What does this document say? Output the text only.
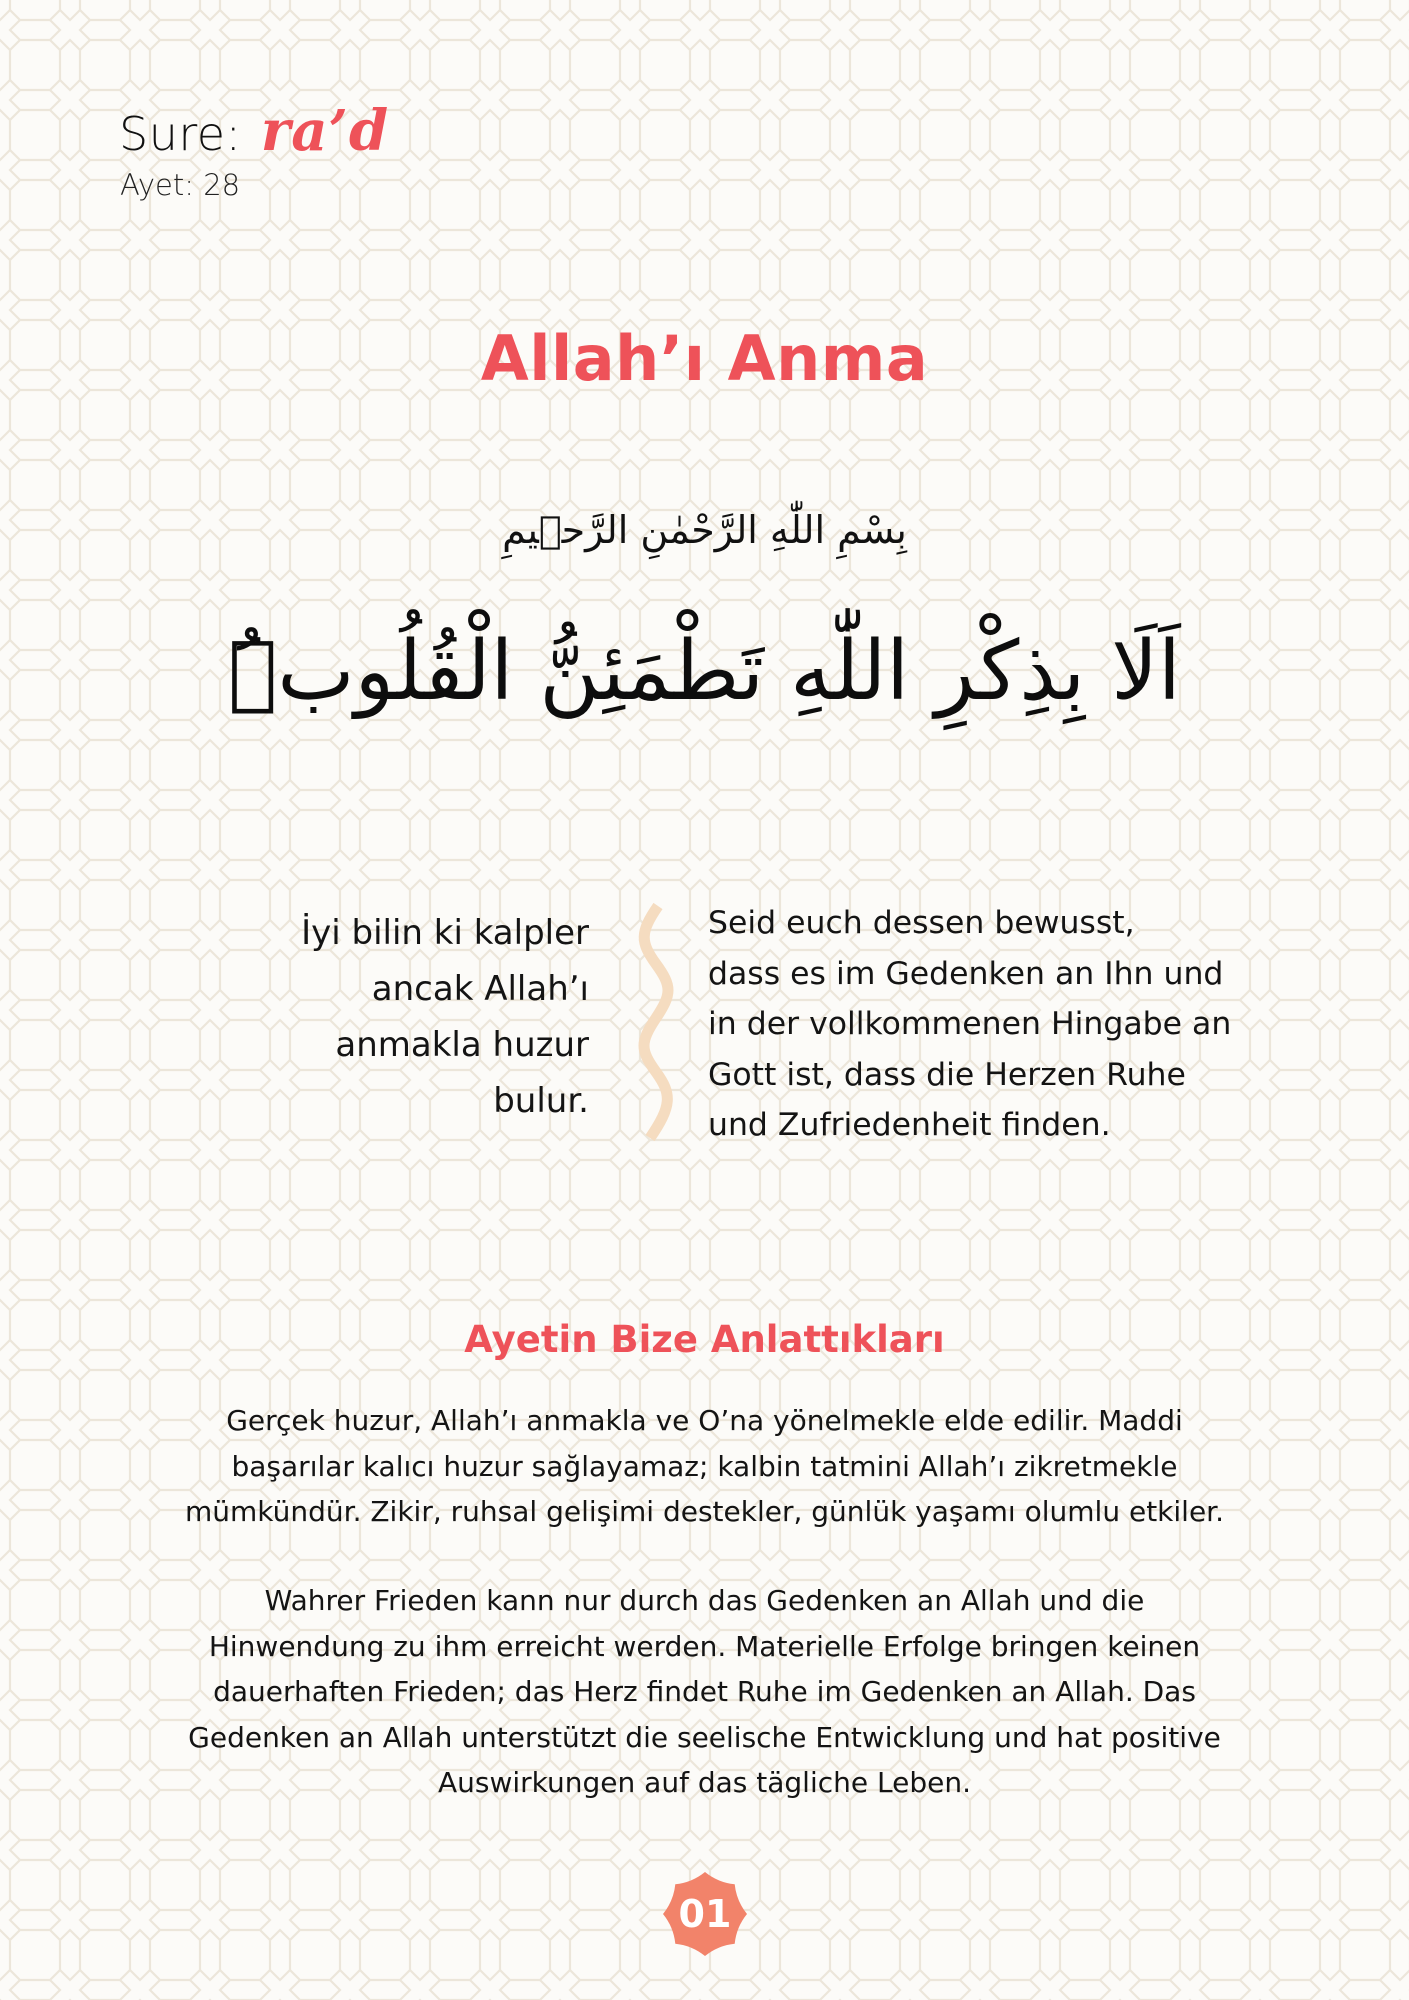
Sure: ra’d
Ayet: 28
Allah’ı Anma
بِسْمِ اللّٰهِ الرَّحْمٰنِ الرَّح۪يمِ
اَلَا بِذِكْرِ اللّٰهِ تَطْمَئِنُّ الْقُلُوبُۜ
İyi bilin ki kalpler
ancak Allah’ı
anmakla huzur
bulur.
Seid euch dessen bewusst,
dass es im Gedenken an Ihn und
in der vollkommenen Hingabe an
Gott ist, dass die Herzen Ruhe
und Zufriedenheit finden.
Ayetin Bize Anlattıkları
Gerçek huzur, Allah’ı anmakla ve O’na yönelmekle elde edilir. Maddi
başarılar kalıcı huzur sağlayamaz; kalbin tatmini Allah’ı zikretmekle
mümkündür. Zikir, ruhsal gelişimi destekler, günlük yaşamı olumlu etkiler.
Wahrer Frieden kann nur durch das Gedenken an Allah und die
Hinwendung zu ihm erreicht werden. Materielle Erfolge bringen keinen
dauerhaften Frieden; das Herz findet Ruhe im Gedenken an Allah. Das
Gedenken an Allah unterstützt die seelische Entwicklung und hat positive
Auswirkungen auf das tägliche Leben.
01
